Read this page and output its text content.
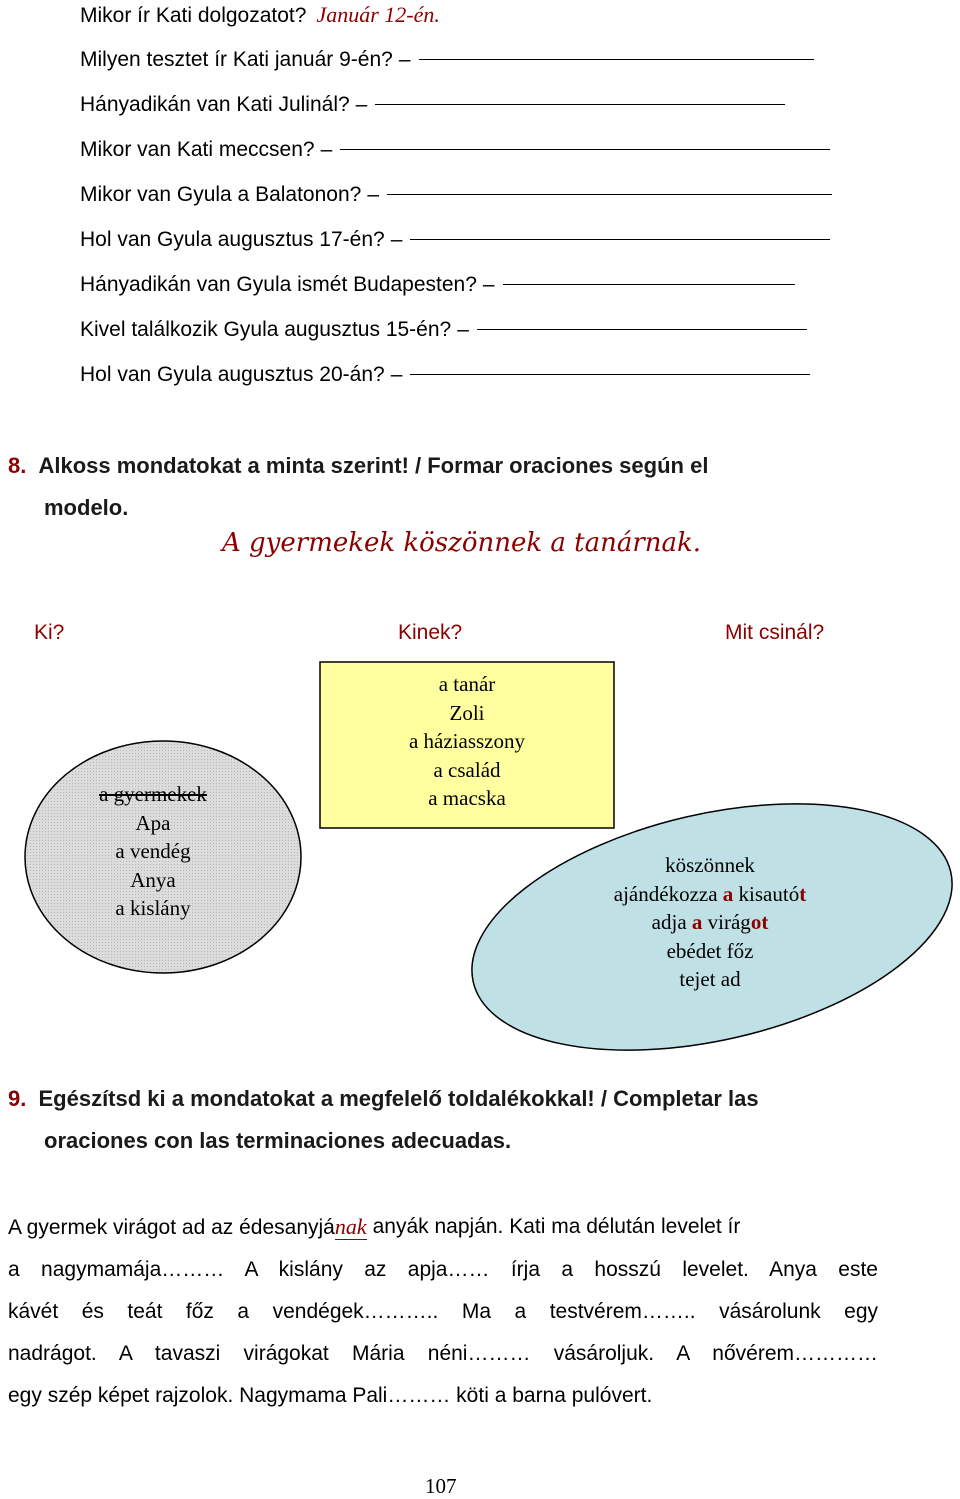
Mikor ír Kati dolgozatot? Január 12-én.
Milyen tesztet ír Kati január 9-én? –
Hányadikán van Kati Julinál? –
Mikor van Kati meccsen? –
Mikor van Gyula a Balatonon? –
Hol van Gyula augusztus 17-én? –
Hányadikán van Gyula ismét Budapesten? –
Kivel találkozik Gyula augusztus 15-én? –
Hol van Gyula augusztus 20-án? –
8. Alkoss mondatokat a minta szerint! / Formar oraciones según el
modelo.
A gyermekek köszönnek a tanárnak.
Ki?	Kinek?	Mit csinál?
a gyermekek
Apa
a vendég
Anya
a kislány
a tanár
Zoli
a háziasszony
a család
a macska
köszönnek
ajándékozza a kisautót
adja a virágot
ebédet főz
tejet ad
9. Egészítsd ki a mondatokat a megfelelő toldalékokkal! / Completar las
oraciones con las terminaciones adecuadas.
A gyermek virágot ad az édesanyjának anyák napján. Kati ma délután levelet ír
a nagymamája……… A kislány az apja…… írja a hosszú levelet. Anya este
kávét és teát főz a vendégek……….. Ma a testvérem…….. vásárolunk egy
nadrágot. A tavaszi virágokat Mária néni……… vásároljuk. A nővérem…………
egy szép képet rajzolok. Nagymama Pali……… köti a barna pulóvert.
107
